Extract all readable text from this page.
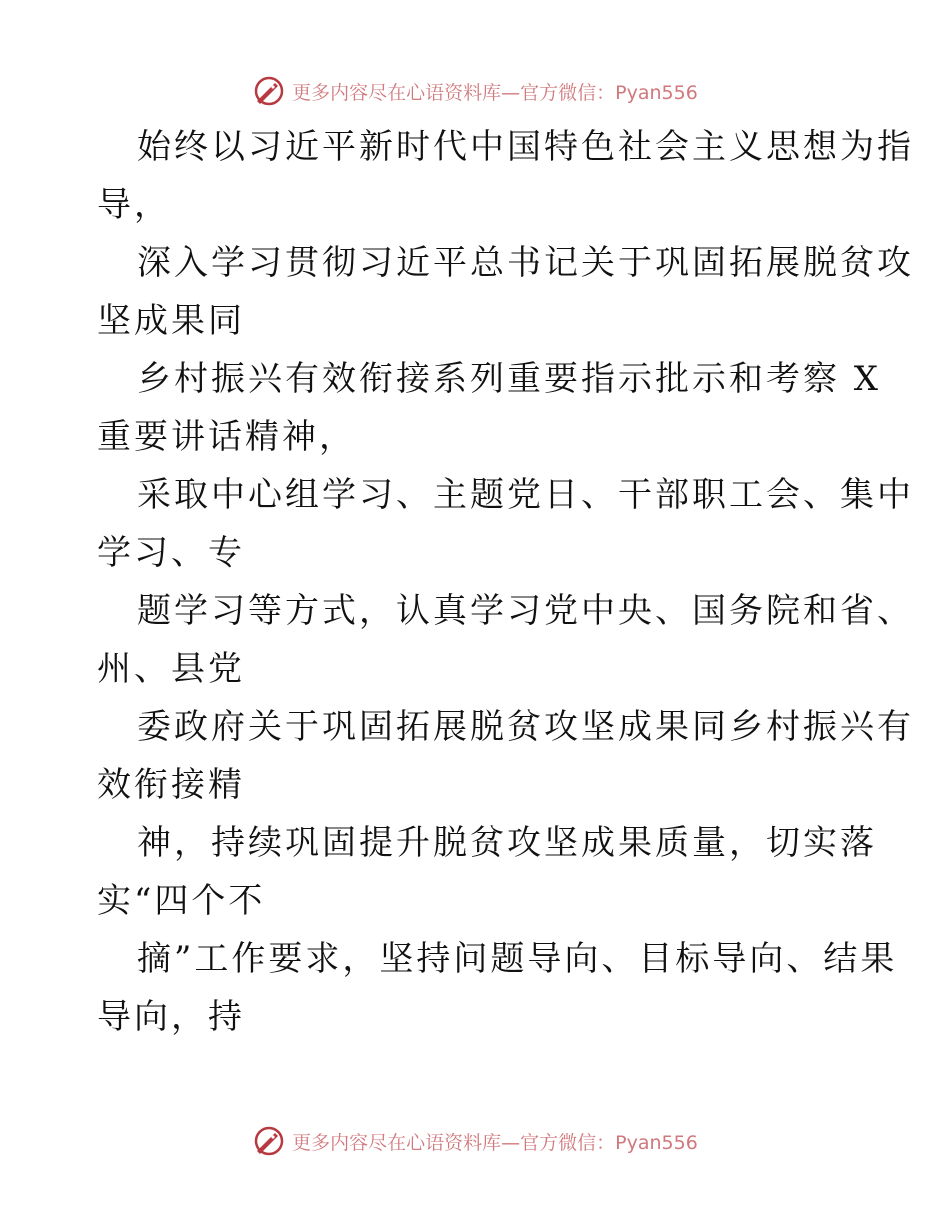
更多内容尽在心语资料库—官方微信：Pyan556

始终以习近平新时代中国特色社会主义思想为指
导，

深入学习贯彻习近平总书记关于巩固拓展脱贫攻
坚成果同

乡村振兴有效衔接系列重要指示批示和考察 X
重要讲话精神，

采取中心组学习、主题党日、干部职工会、集中
学习、专

题学习等方式，认真学习党中央、国务院和省、
州、县党

委政府关于巩固拓展脱贫攻坚成果同乡村振兴有
效衔接精

神，持续巩固提升脱贫攻坚成果质量，切实落
实“四个不

摘”工作要求，坚持问题导向、目标导向、结果
导向，持

更多内容尽在心语资料库—官方微信：Pyan556
